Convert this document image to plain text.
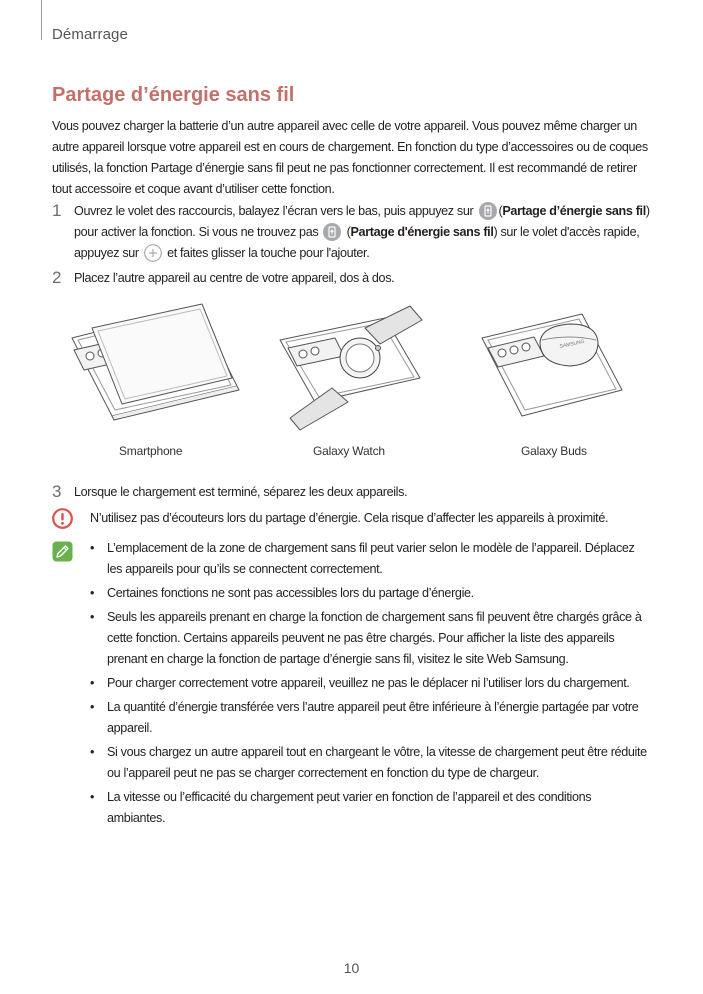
Démarrage
Partage d’énergie sans fil

Vous pouvez charger la batterie d’un autre appareil avec celle de votre appareil. Vous pouvez même charger un autre appareil lorsque votre appareil est en cours de chargement. En fonction du type d’accessoires ou de coques utilisés, la fonction Partage d’énergie sans fil peut ne pas fonctionner correctement. Il est recommandé de retirer tout accessoire et coque avant d’utiliser cette fonction.

1 Ouvrez le volet des raccourcis, balayez l’écran vers le bas, puis appuyez sur (Partage d’énergie sans fil) pour activer la fonction. Si vous ne trouvez pas (Partage d'énergie sans fil) sur le volet d'accès rapide, appuyez sur et faites glisser la touche pour l'ajouter.
2 Placez l’autre appareil au centre de votre appareil, dos à dos.
SAMSUNG
Smartphone	Galaxy Watch	Galaxy Buds
3 Lorsque le chargement est terminé, séparez les deux appareils.
N’utilisez pas d’écouteurs lors du partage d’énergie. Cela risque d’affecter les appareils à proximité.
• L’emplacement de la zone de chargement sans fil peut varier selon le modèle de l’appareil. Déplacez les appareils pour qu’ils se connectent correctement.
• Certaines fonctions ne sont pas accessibles lors du partage d’énergie.
• Seuls les appareils prenant en charge la fonction de chargement sans fil peuvent être chargés grâce à cette fonction. Certains appareils peuvent ne pas être chargés. Pour afficher la liste des appareils prenant en charge la fonction de partage d’énergie sans fil, visitez le site Web Samsung.
• Pour charger correctement votre appareil, veuillez ne pas le déplacer ni l’utiliser lors du chargement.
• La quantité d’énergie transférée vers l’autre appareil peut être inférieure à l’énergie partagée par votre appareil.
• Si vous chargez un autre appareil tout en chargeant le vôtre, la vitesse de chargement peut être réduite ou l’appareil peut ne pas se charger correctement en fonction du type de chargeur.
• La vitesse ou l’efficacité du chargement peut varier en fonction de l’appareil et des conditions ambiantes.
10
